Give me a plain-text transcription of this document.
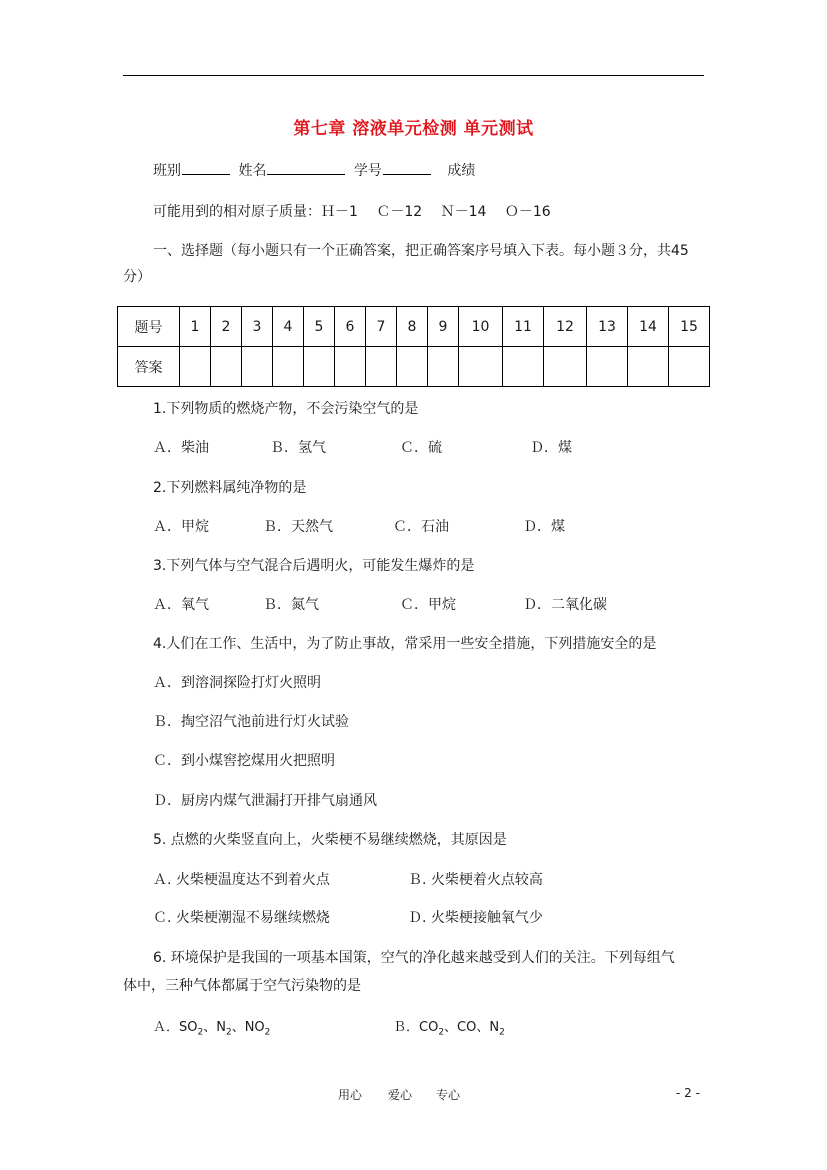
第七章 溶液单元检测 单元测试
班别	姓名	学号	成绩
可能用到的相对原子质量：Ｈ－1　 Ｃ－12　 Ｎ－14　 Ｏ－16
一、选择题（每小题只有一个正确答案，把正确答案序号填入下表。每小题３分，共45
分）
题号	1	2	3	4	5	6	7	8	9	10	11	12	13	14	15
答案															
1.下列物质的燃烧产物，不会污染空气的是
Ａ．柴油	Ｂ．氢气	Ｃ．硫	Ｄ．煤
2.下列燃料属纯净物的是
Ａ．甲烷	Ｂ．天然气	Ｃ．石油	Ｄ．煤
3.下列气体与空气混合后遇明火，可能发生爆炸的是
Ａ．氧气	Ｂ．氮气	Ｃ．甲烷	Ｄ．二氧化碳
4.人们在工作、生活中，为了防止事故，常采用一些安全措施，下列措施安全的是
Ａ．到溶洞探险打灯火照明
Ｂ．掏空沼气池前进行灯火试验
Ｃ．到小煤窖挖煤用火把照明
Ｄ．厨房内煤气泄漏打开排气扇通风
5. 点燃的火柴竖直向上，火柴梗不易继续燃烧，其原因是
Ａ. 火柴梗温度达不到着火点	Ｂ. 火柴梗着火点较高
Ｃ. 火柴梗潮湿不易继续燃烧	Ｄ. 火柴梗接触氧气少
6. 环境保护是我国的一项基本国策，空气的净化越来越受到人们的关注。下列每组气
体中，三种气体都属于空气污染物的是
Ａ．$SO_2$、$N_2$、$NO_2$	Ｂ．$CO_2$、CO、$N_2$
用心 爱心 专心	- 2 -
